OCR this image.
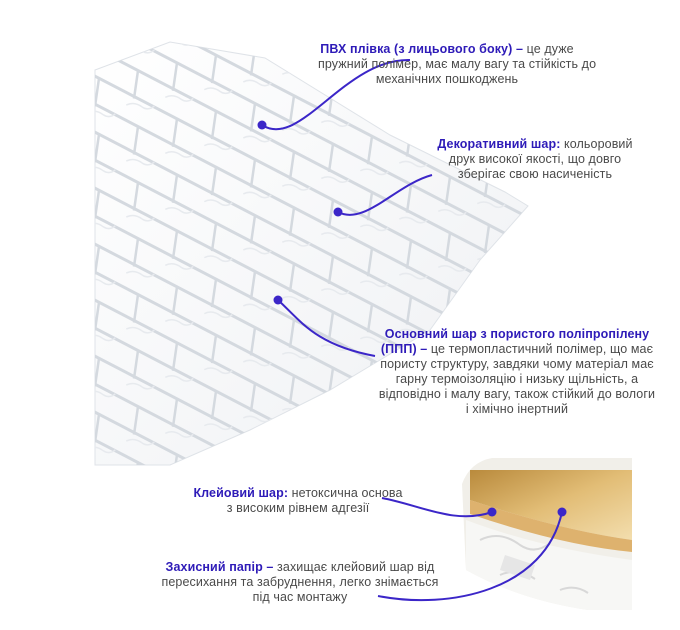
ПВХ плівка (з лицьового боку) – це дуже
пружний полімер, має малу вагу та стійкість до
механічних пошкоджень
Декоративний шар: кольоровий
друк високої якості, що довго
зберігає свою насиченість
Основний шар з пористого поліпропілену
(ППП) – це термопластичний полімер, що має
пористу структуру, завдяки чому матеріал має
гарну термоізоляцію і низьку щільність, а
відповідно і малу вагу, також стійкий до вологи
і хімічно інертний
Клейовий шар: нетоксична основа
з високим рівнем адгезії
Захисний папір – захищає клейовий шар від
пересихання та забруднення, легко знімається
під час монтажу
